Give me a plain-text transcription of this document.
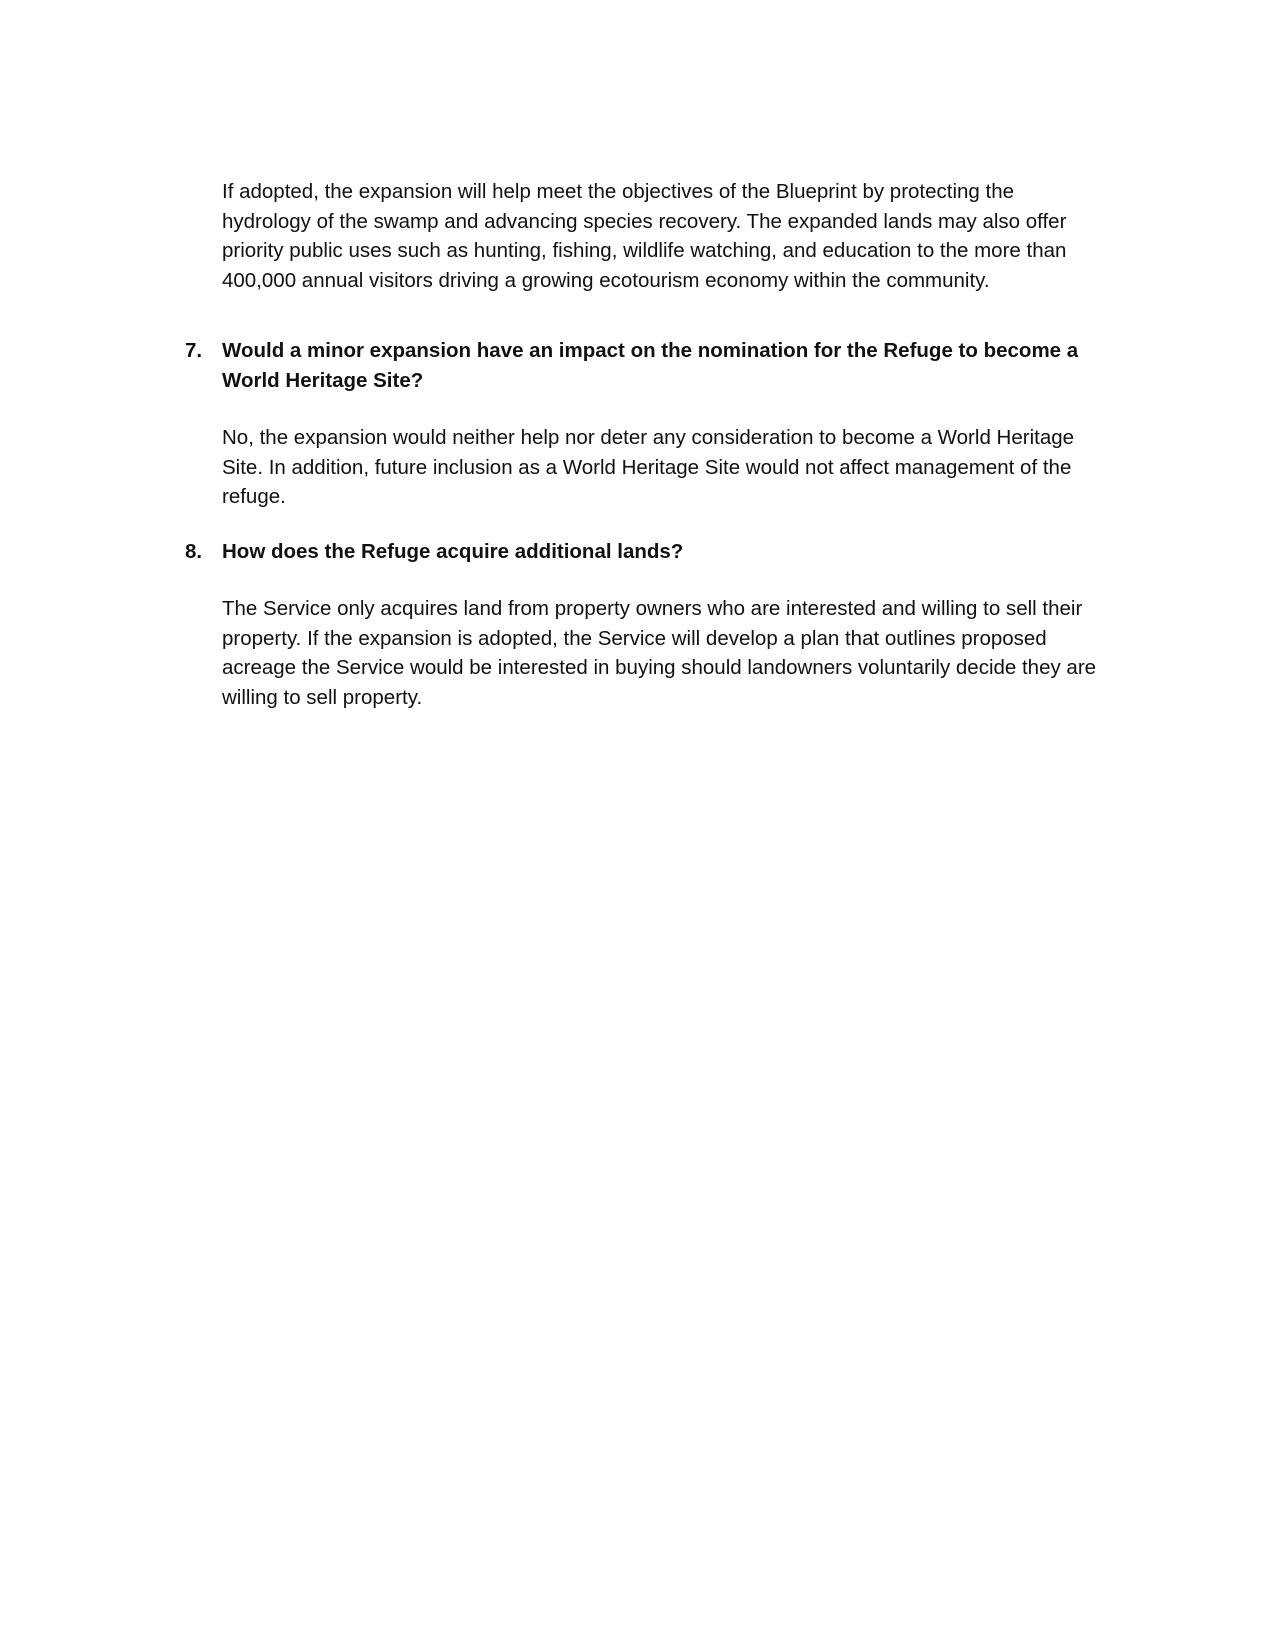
If adopted, the expansion will help meet the objectives of the Blueprint by protecting the
hydrology of the swamp and advancing species recovery. The expanded lands may also offer
priority public uses such as hunting, fishing, wildlife watching, and education to the more than
400,000 annual visitors driving a growing ecotourism economy within the community.

7. Would a minor expansion have an impact on the nomination for the Refuge to become a
World Heritage Site?

No, the expansion would neither help nor deter any consideration to become a World Heritage
Site. In addition, future inclusion as a World Heritage Site would not affect management of the
refuge.

8. How does the Refuge acquire additional lands?

The Service only acquires land from property owners who are interested and willing to sell their
property. If the expansion is adopted, the Service will develop a plan that outlines proposed
acreage the Service would be interested in buying should landowners voluntarily decide they are
willing to sell property.
